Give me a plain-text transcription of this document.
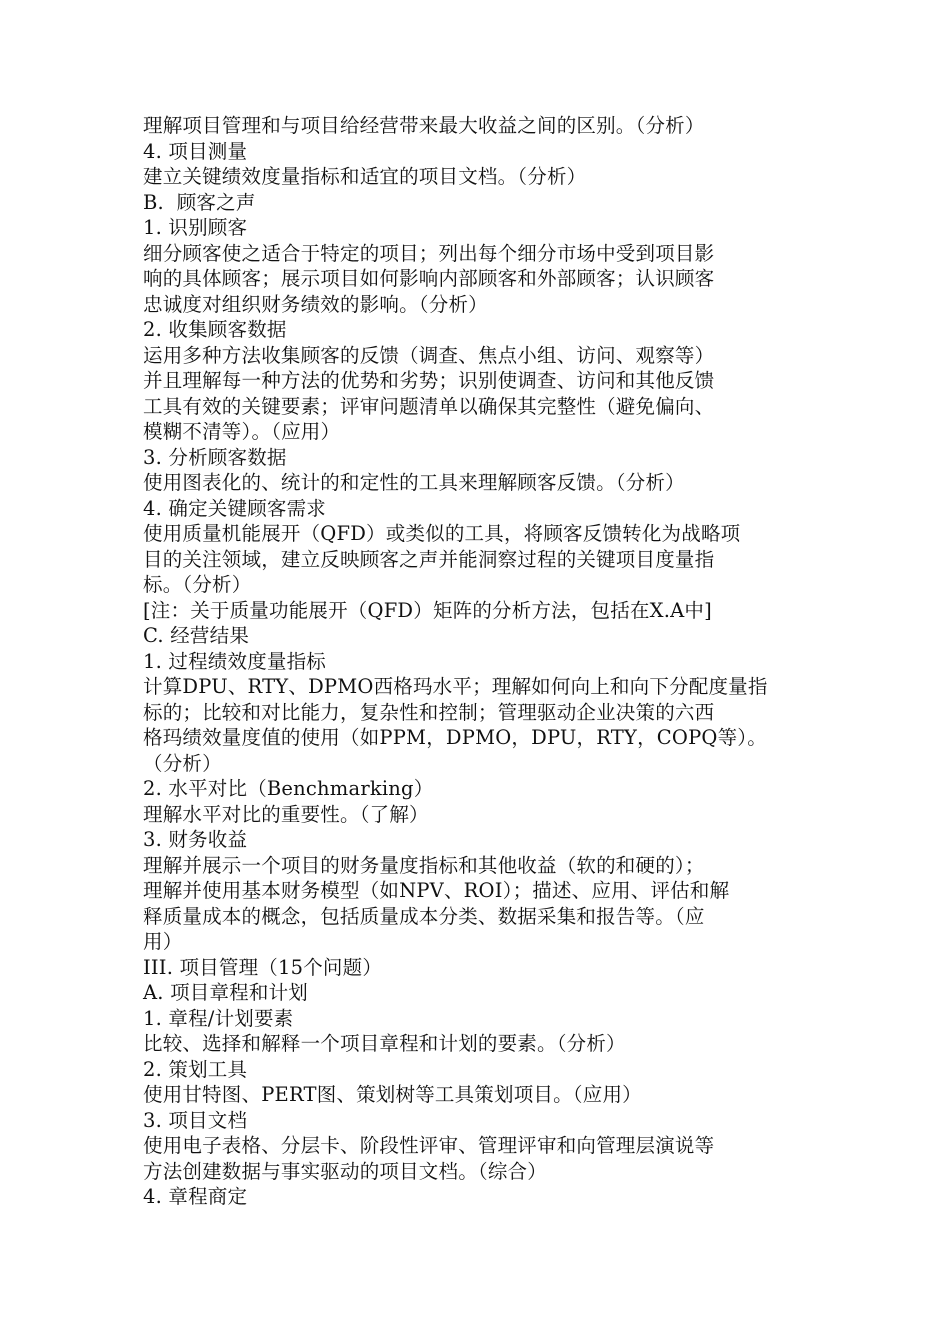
理解项目管理和与项目给经营带来最大收益之间的区别。（分析）
4. 项目测量
建立关键绩效度量指标和适宜的项目文档。（分析）
B.  顾客之声
1. 识别顾客
细分顾客使之适合于特定的项目；列出每个细分市场中受到项目影
响的具体顾客；展示项目如何影响内部顾客和外部顾客；认识顾客
忠诚度对组织财务绩效的影响。（分析）
2. 收集顾客数据
运用多种方法收集顾客的反馈（调查、焦点小组、访问、观察等）
并且理解每一种方法的优势和劣势；识别使调查、访问和其他反馈
工具有效的关键要素；评审问题清单以确保其完整性（避免偏向、
模糊不清等）。（应用）
3. 分析顾客数据
使用图表化的、统计的和定性的工具来理解顾客反馈。（分析）
4. 确定关键顾客需求
使用质量机能展开（QFD）或类似的工具，将顾客反馈转化为战略项
目的关注领域，建立反映顾客之声并能洞察过程的关键项目度量指
标。（分析）
[注：关于质量功能展开（QFD）矩阵的分析方法，包括在X.A中]
C. 经营结果
1. 过程绩效度量指标
计算DPU、RTY、DPMO西格玛水平；理解如何向上和向下分配度量指
标的；比较和对比能力，复杂性和控制；管理驱动企业决策的六西
格玛绩效量度值的使用（如PPM，DPMO，DPU，RTY，COPQ等）。
（分析）
2. 水平对比（Benchmarking）
理解水平对比的重要性。（了解）
3. 财务收益
理解并展示一个项目的财务量度指标和其他收益（软的和硬的）；
理解并使用基本财务模型（如NPV、ROI）；描述、应用、评估和解
释质量成本的概念，包括质量成本分类、数据采集和报告等。（应
用）
III. 项目管理（15个问题）
A. 项目章程和计划
1. 章程/计划要素
比较、选择和解释一个项目章程和计划的要素。（分析）
2. 策划工具
使用甘特图、PERT图、策划树等工具策划项目。（应用）
3. 项目文档
使用电子表格、分层卡、阶段性评审、管理评审和向管理层演说等
方法创建数据与事实驱动的项目文档。（综合）
4. 章程商定
